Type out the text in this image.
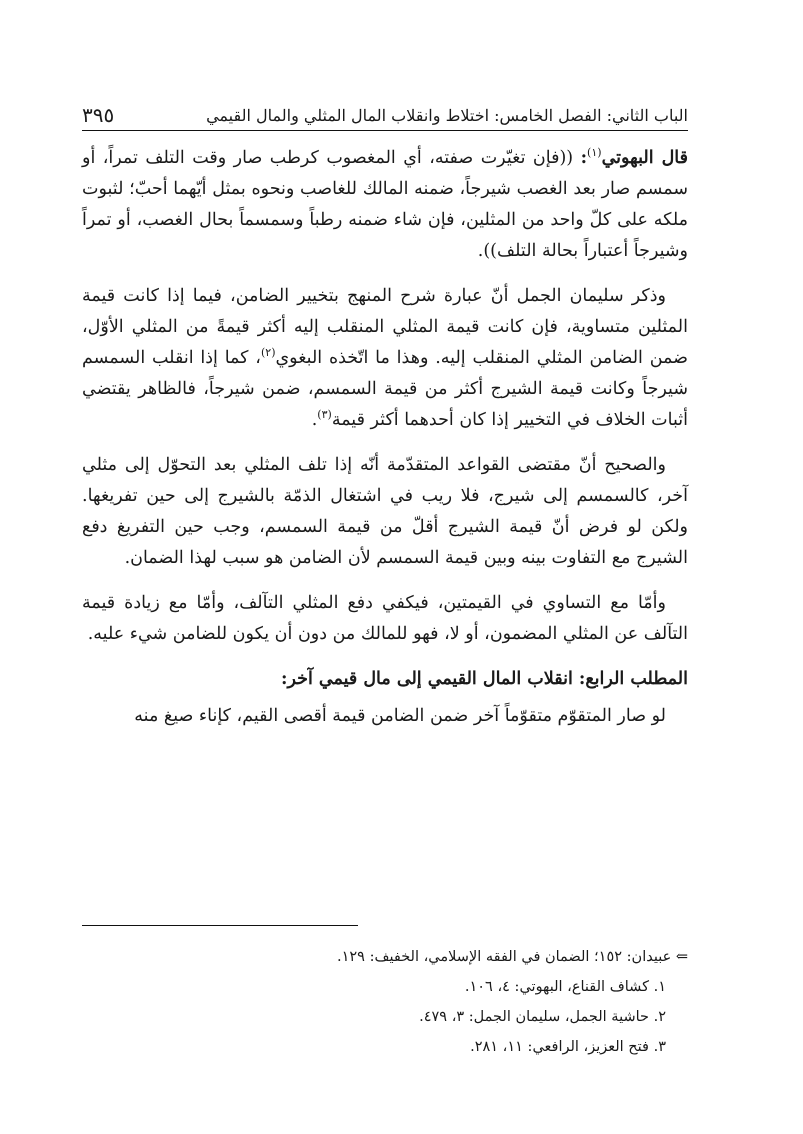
الباب الثاني: الفصل الخامس: اختلاط وانقلاب المال المثلي والمال القيمي
٣٩٥

قال البهوتي$^{(١)}$: ((فإن تغيّرت صفته، أي المغصوب كرطب صار وقت التلف تمراً، أو سمسم صار بعد الغصب شيرجاً، ضمنه المالك للغاصب ونحوه بمثل أيّهما أحبّ؛ لثبوت ملكه على كلّ واحد من المثلين، فإن شاء ضمنه رطباً وسمسماً بحال الغصب، أو تمراً وشيرجاً أعتباراً بحالة التلف)).

وذكر سليمان الجمل أنّ عبارة شرح المنهج بتخيير الضامن، فيما إذا كانت قيمة المثلين متساوية، فإن كانت قيمة المثلي المنقلب إليه أكثر قيمةً من المثلي الأوّل، ضمن الضامن المثلي المنقلب إليه. وهذا ما اتّخذه البغوي$^{(٢)}$، كما إذا انقلب السمسم شيرجاً وكانت قيمة الشيرج أكثر من قيمة السمسم، ضمن شيرجاً، فالظاهر يقتضي أثبات الخلاف في التخيير إذا كان أحدهما أكثر قيمة$^{(٣)}$.

والصحيح أنّ مقتضى القواعد المتقدّمة أنّه إذا تلف المثلي بعد التحوّل إلى مثلي آخر، كالسمسم إلى شيرج، فلا ريب في اشتغال الذمّة بالشيرج إلى حين تفريغها. ولكن لو فرض أنّ قيمة الشيرج أقلّ من قيمة السمسم، وجب حين التفريغ دفع الشيرج مع التفاوت بينه وبين قيمة السمسم لأن الضامن هو سبب لهذا الضمان.

وأمّا مع التساوي في القيمتين، فيكفي دفع المثلي التآلف، وأمّا مع زيادة قيمة التآلف عن المثلي المضمون، أو لا، فهو للمالك من دون أن يكون للضامن شيء عليه.

المطلب الرابع: انقلاب المال القيمي إلى مال قيمي آخر:

لو صار المتقوّم متقوّماً آخر ضمن الضامن قيمة أقصى القيم، كإناء صيغ منه

⇐ عبيدان: ١٥٢؛ الضمان في الفقه الإسلامي، الخفيف: ١٢٩.
١. كشاف القناع، البهوتي: ٤، ١٠٦.
٢. حاشية الجمل، سليمان الجمل: ٣، ٤٧٩.
٣. فتح العزيز، الرافعي: ١١، ٢٨١.
